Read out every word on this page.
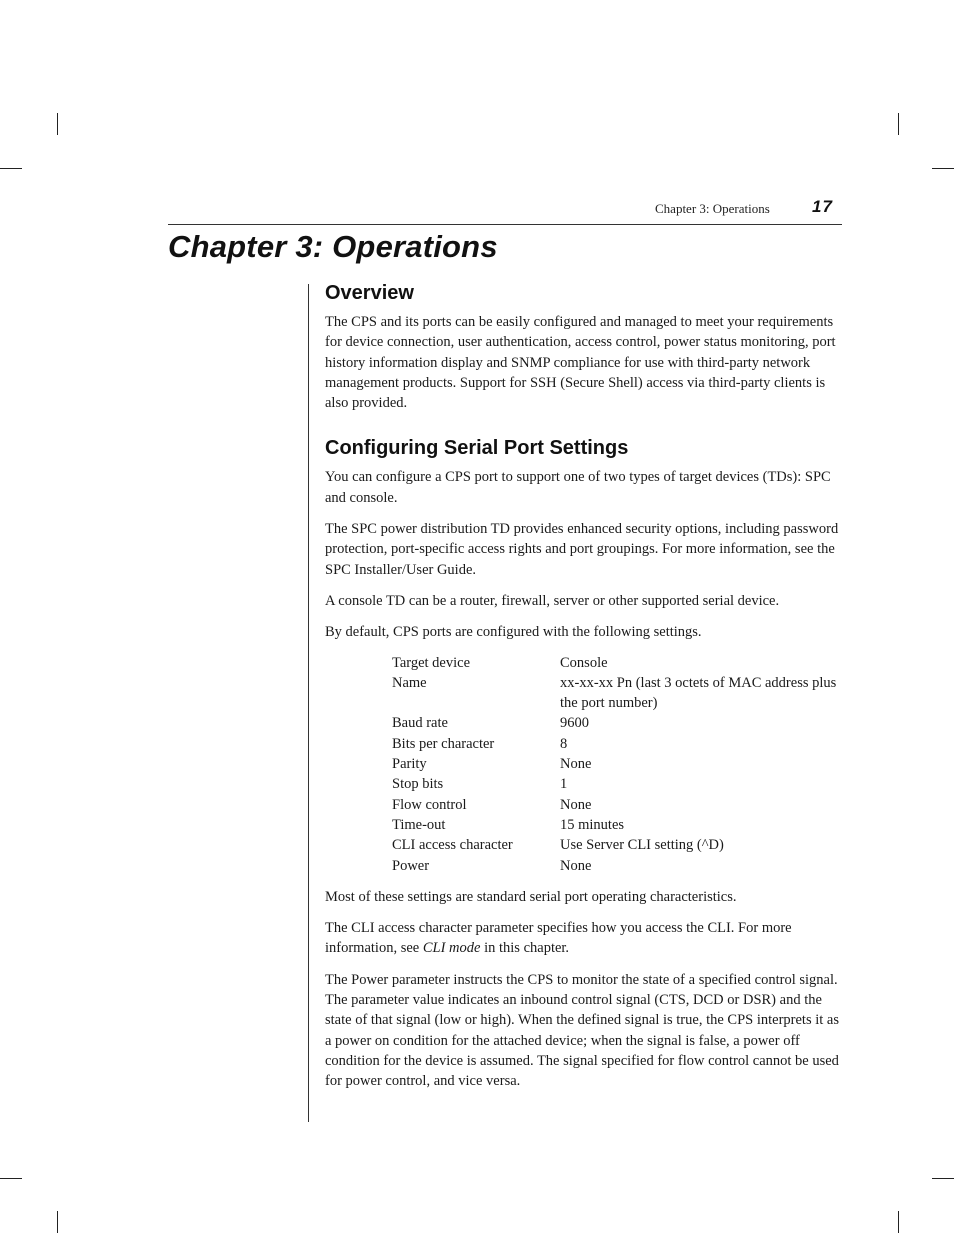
Chapter 3: Operations 17
Chapter 3: Operations
Overview

The CPS and its ports can be easily configured and managed to meet your requirements for device connection, user authentication, access control, power status monitoring, port history information display and SNMP compliance for use with third-party network management products. Support for SSH (Secure Shell) access via third-party clients is also provided.

Configuring Serial Port Settings

You can configure a CPS port to support one of two types of target devices (TDs): SPC and console.

The SPC power distribution TD provides enhanced security options, including password protection, port-specific access rights and port groupings. For more information, see the SPC Installer/User Guide.

A console TD can be a router, firewall, server or other supported serial device.

By default, CPS ports are configured with the following settings.

Target device	Console
Name	xx-xx-xx Pn (last 3 octets of MAC address plus the port number)
Baud rate	9600
Bits per character	8
Parity	None
Stop bits	1
Flow control	None
Time-out	15 minutes
CLI access character	Use Server CLI setting (^D)
Power	None

Most of these settings are standard serial port operating characteristics.

The CLI access character parameter specifies how you access the CLI. For more information, see CLI mode in this chapter.

The Power parameter instructs the CPS to monitor the state of a specified control signal. The parameter value indicates an inbound control signal (CTS, DCD or DSR) and the state of that signal (low or high). When the defined signal is true, the CPS interprets it as a power on condition for the attached device; when the signal is false, a power off condition for the device is assumed. The signal specified for flow control cannot be used for power control, and vice versa.
